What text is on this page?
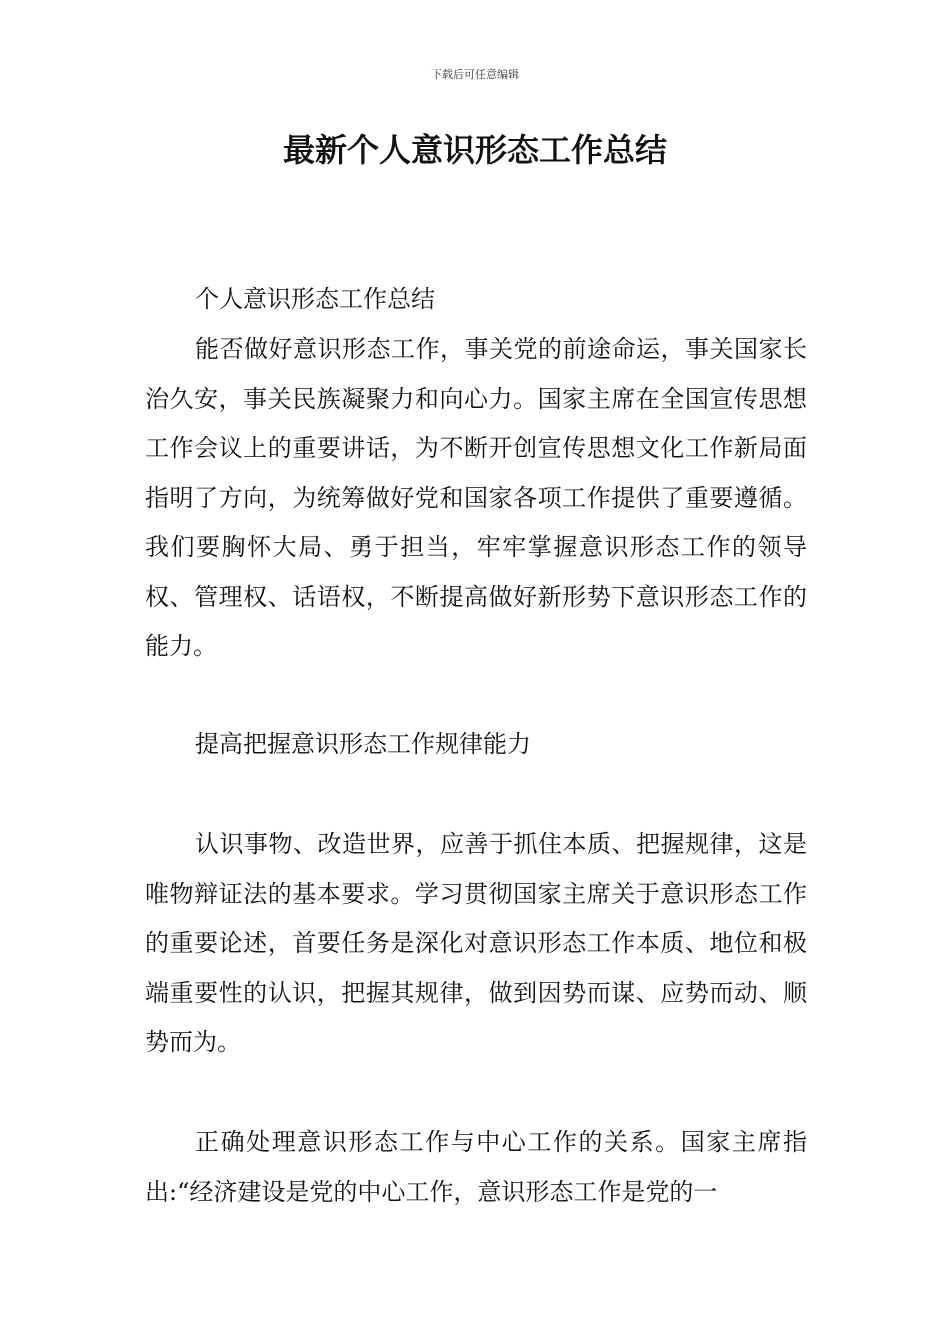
下载后可任意编辑
最新个人意识形态工作总结

个人意识形态工作总结

能否做好意识形态工作，事关党的前途命运，事关国家长治久安，事关民族凝聚力和向心力。国家主席在全国宣传思想工作会议上的重要讲话，为不断开创宣传思想文化工作新局面指明了方向，为统筹做好党和国家各项工作提供了重要遵循。我们要胸怀大局、勇于担当，牢牢掌握意识形态工作的领导权、管理权、话语权，不断提高做好新形势下意识形态工作的能力。

提高把握意识形态工作规律能力

认识事物、改造世界，应善于抓住本质、把握规律，这是唯物辩证法的基本要求。学习贯彻国家主席关于意识形态工作的重要论述，首要任务是深化对意识形态工作本质、地位和极端重要性的认识，把握其规律，做到因势而谋、应势而动、顺势而为。

正确处理意识形态工作与中心工作的关系。国家主席指出:“经济建设是党的中心工作，意识形态工作是党的一
